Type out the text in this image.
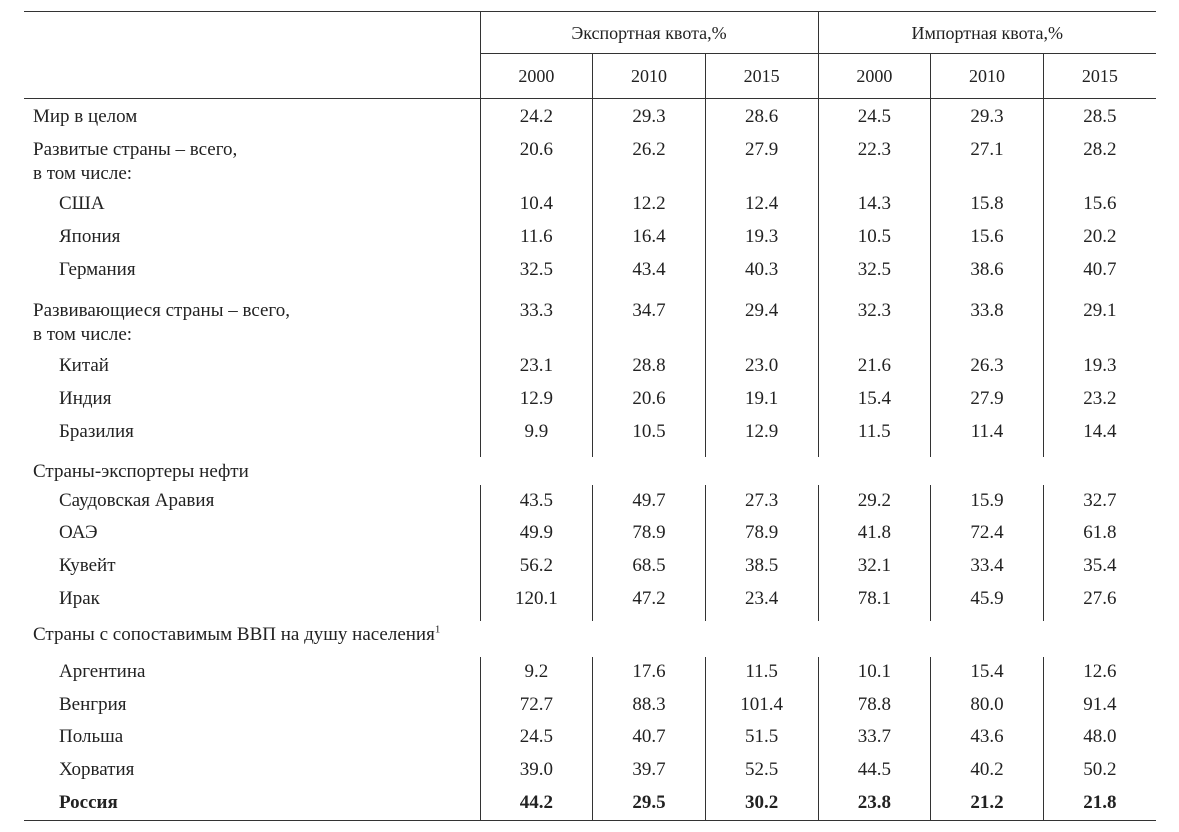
	Экспортная квота,%			Импортная квота,%		
	2000	2010	2015	2000	2010	2015
Мир в целом	24.2	29.3	28.6	24.5	29.3	28.5

Развитые страны – всего,
в том числе:	20.6	26.2	27.9	22.3	27.1	28.2
США	10.4	12.2	12.4	14.3	15.8	15.6
Япония	11.6	16.4	19.3	10.5	15.6	20.2
Германия	32.5	43.4	40.3	32.5	38.6	40.7

Развивающиеся страны – всего,
в том числе:	33.3	34.7	29.4	32.3	33.8	29.1
Китай	23.1	28.8	23.0	21.6	26.3	19.3
Индия	12.9	20.6	19.1	15.4	27.9	23.2
Бразилия	9.9	10.5	12.9	11.5	11.4	14.4
Страны-экспортеры нефти						
Саудовская Аравия	43.5	49.7	27.3	29.2	15.9	32.7
ОАЭ	49.9	78.9	78.9	41.8	72.4	61.8
Кувейт	56.2	68.5	38.5	32.1	33.4	35.4
Ирак	120.1	47.2	23.4	78.1	45.9	27.6
Страны с сопоставимым ВВП на душу населения$^1$
Аргентина	9.2	17.6	11.5	10.1	15.4	12.6
Венгрия	72.7	88.3	101.4	78.8	80.0	91.4
Польша	24.5	40.7	51.5	33.7	43.6	48.0
Хорватия	39.0	39.7	52.5	44.5	40.2	50.2
Россия	44.2	29.5	30.2	23.8	21.2	21.8
